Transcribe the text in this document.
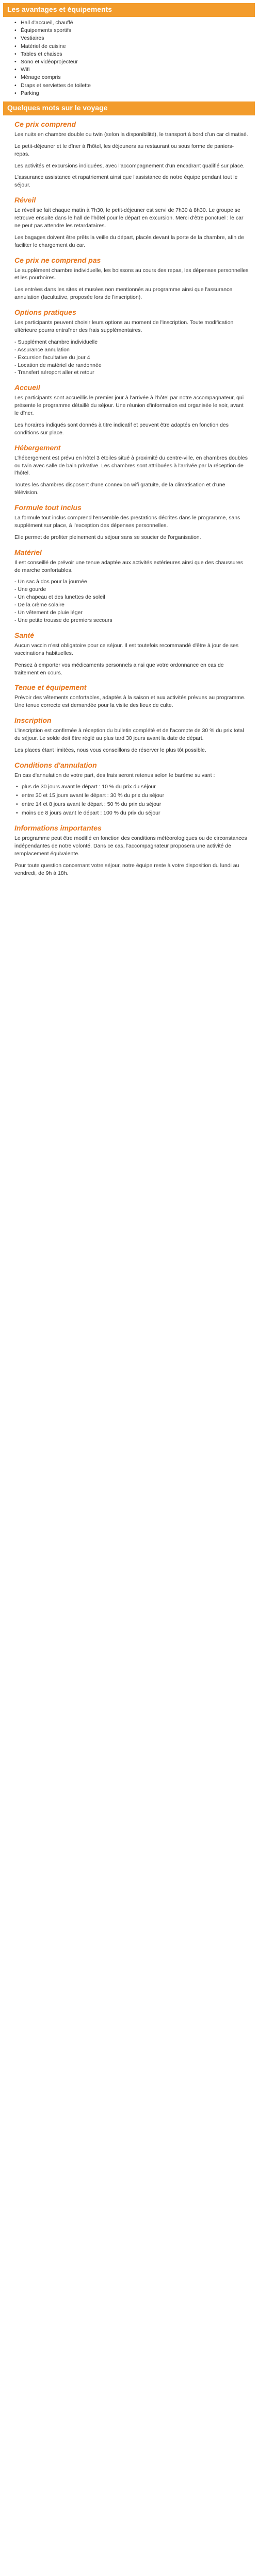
Les avantages et équipements
• Hall d'accueil, chauffé
• Équipements sportifs
• Vestiaires
• Matériel de cuisine
• Tables et chaises
• Sono et vidéoprojecteur
• Wifi
• Ménage compris
• Draps et serviettes de toilette
• Parking
Quelques mots sur le voyage
Ce prix comprend

Les nuits en chambre double ou twin (selon la disponibilité), le transport à bord d'un car climatisé.

Le petit-déjeuner et le dîner à l'hôtel, les déjeuners au restaurant ou sous forme de paniers-repas.

Les activités et excursions indiquées, avec l'accompagnement d'un encadrant qualifié sur place.

L'assurance assistance et rapatriement ainsi que l'assistance de notre équipe pendant tout le séjour.

Réveil

Le réveil se fait chaque matin à 7h30, le petit-déjeuner est servi de 7h30 à 8h30. Le groupe se retrouve ensuite dans le hall de l'hôtel pour le départ en excursion. Merci d'être ponctuel : le car ne peut pas attendre les retardataires.

Les bagages doivent être prêts la veille du départ, placés devant la porte de la chambre, afin de faciliter le chargement du car.

Ce prix ne comprend pas

Le supplément chambre individuelle, les boissons au cours des repas, les dépenses personnelles et les pourboires.

Les entrées dans les sites et musées non mentionnés au programme ainsi que l'assurance annulation (facultative, proposée lors de l'inscription).

Options pratiques

Les participants peuvent choisir leurs options au moment de l'inscription. Toute modification ultérieure pourra entraîner des frais supplémentaires.

- Supplément chambre individuelle
- Assurance annulation
- Excursion facultative du jour 4
- Location de matériel de randonnée
- Transfert aéroport aller et retour
Accueil

Les participants sont accueillis le premier jour à l'arrivée à l'hôtel par notre accompagnateur, qui présente le programme détaillé du séjour. Une réunion d'information est organisée le soir, avant le dîner.

Les horaires indiqués sont donnés à titre indicatif et peuvent être adaptés en fonction des conditions sur place.

Hébergement

L'hébergement est prévu en hôtel 3 étoiles situé à proximité du centre-ville, en chambres doubles ou twin avec salle de bain privative. Les chambres sont attribuées à l'arrivée par la réception de l'hôtel.

Toutes les chambres disposent d'une connexion wifi gratuite, de la climatisation et d'une télévision.

Formule tout inclus

La formule tout inclus comprend l'ensemble des prestations décrites dans le programme, sans supplément sur place, à l'exception des dépenses personnelles.

Elle permet de profiter pleinement du séjour sans se soucier de l'organisation.

Matériel

Il est conseillé de prévoir une tenue adaptée aux activités extérieures ainsi que des chaussures de marche confortables.

- Un sac à dos pour la journée
- Une gourde
- Un chapeau et des lunettes de soleil
- De la crème solaire
- Un vêtement de pluie léger
- Une petite trousse de premiers secours
Santé

Aucun vaccin n'est obligatoire pour ce séjour. Il est toutefois recommandé d'être à jour de ses vaccinations habituelles.

Pensez à emporter vos médicaments personnels ainsi que votre ordonnance en cas de traitement en cours.

Tenue et équipement

Prévoir des vêtements confortables, adaptés à la saison et aux activités prévues au programme. Une tenue correcte est demandée pour la visite des lieux de culte.

Inscription

L'inscription est confirmée à réception du bulletin complété et de l'acompte de 30 % du prix total du séjour. Le solde doit être réglé au plus tard 30 jours avant la date de départ.

Les places étant limitées, nous vous conseillons de réserver le plus tôt possible.

Conditions d'annulation

En cas d'annulation de votre part, des frais seront retenus selon le barème suivant :

• plus de 30 jours avant le départ : 10 % du prix du séjour
• entre 30 et 15 jours avant le départ : 30 % du prix du séjour
• entre 14 et 8 jours avant le départ : 50 % du prix du séjour
• moins de 8 jours avant le départ : 100 % du prix du séjour
Informations importantes

Le programme peut être modifié en fonction des conditions météorologiques ou de circonstances indépendantes de notre volonté. Dans ce cas, l'accompagnateur proposera une activité de remplacement équivalente.

Pour toute question concernant votre séjour, notre équipe reste à votre disposition du lundi au vendredi, de 9h à 18h.
